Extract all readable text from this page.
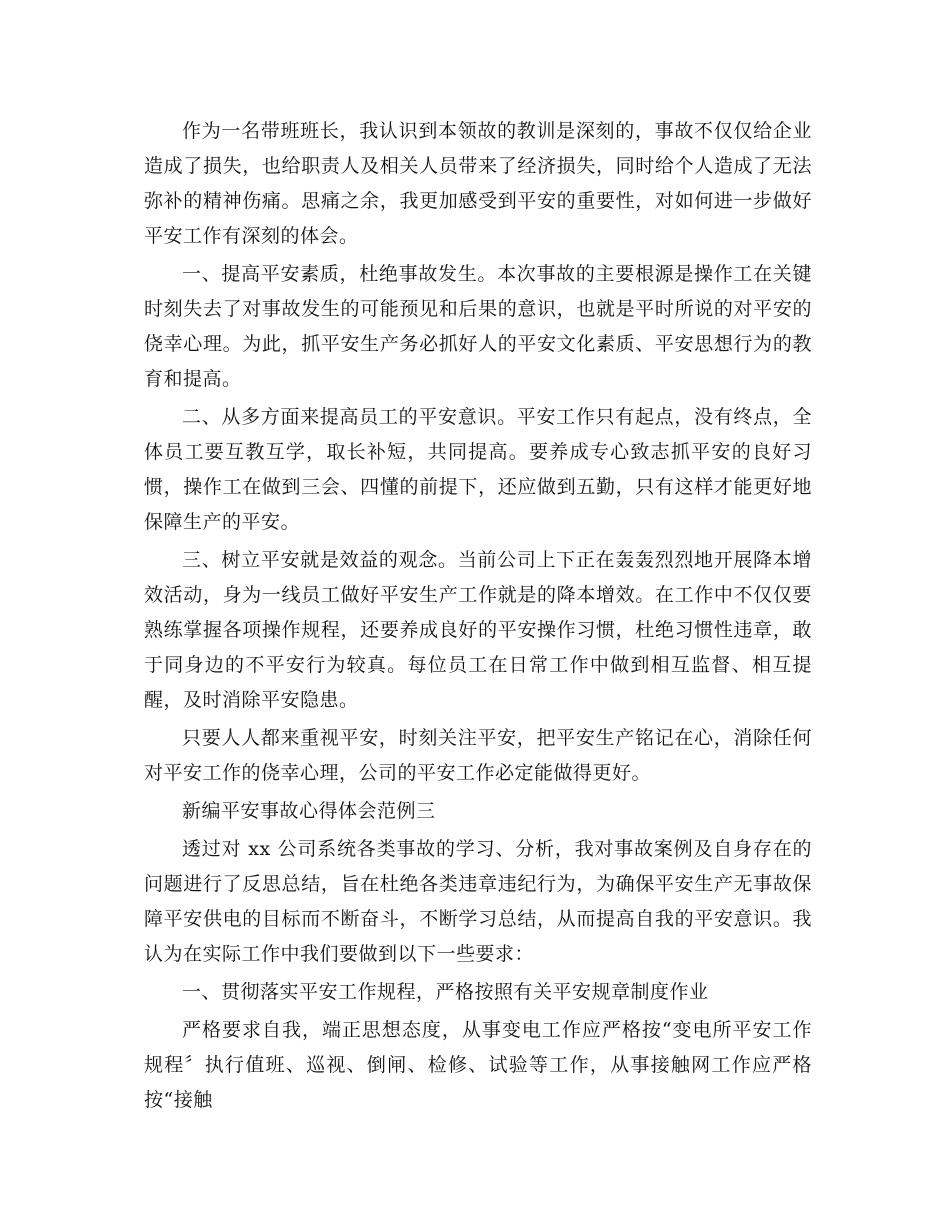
作为一名带班班长，我认识到本领故的教训是深刻的，事故不仅仅给企业造成了损失，也给职责人及相关人员带来了经济损失，同时给个人造成了无法弥补的精神伤痛。思痛之余，我更加感受到平安的重要性，对如何进一步做好平安工作有深刻的体会。

一、提高平安素质，杜绝事故发生。本次事故的主要根源是操作工在关键时刻失去了对事故发生的可能预见和后果的意识，也就是平时所说的对平安的侥幸心理。为此，抓平安生产务必抓好人的平安文化素质、平安思想行为的教育和提高。

二、从多方面来提高员工的平安意识。平安工作只有起点，没有终点，全体员工要互教互学，取长补短，共同提高。要养成专心致志抓平安的良好习惯，操作工在做到三会、四懂的前提下，还应做到五勤，只有这样才能更好地保障生产的平安。

三、树立平安就是效益的观念。当前公司上下正在轰轰烈烈地开展降本增效活动，身为一线员工做好平安生产工作就是的降本增效。在工作中不仅仅要熟练掌握各项操作规程，还要养成良好的平安操作习惯，杜绝习惯性违章，敢于同身边的不平安行为较真。每位员工在日常工作中做到相互监督、相互提醒，及时消除平安隐患。

只要人人都来重视平安，时刻关注平安，把平安生产铭记在心，消除任何对平安工作的侥幸心理，公司的平安工作必定能做得更好。

新编平安事故心得体会范例三

透过对 xx 公司系统各类事故的学习、分析，我对事故案例及自身存在的问题进行了反思总结，旨在杜绝各类违章违纪行为，为确保平安生产无事故保障平安供电的目标而不断奋斗，不断学习总结，从而提高自我的平安意识。我认为在实际工作中我们要做到以下一些要求：

一、贯彻落实平安工作规程，严格按照有关平安规章制度作业

严格要求自我，端正思想态度，从事变电工作应严格按“变电所平安工作规程〞执行值班、巡视、倒闸、检修、试验等工作，从事接触网工作应严格按“接触
